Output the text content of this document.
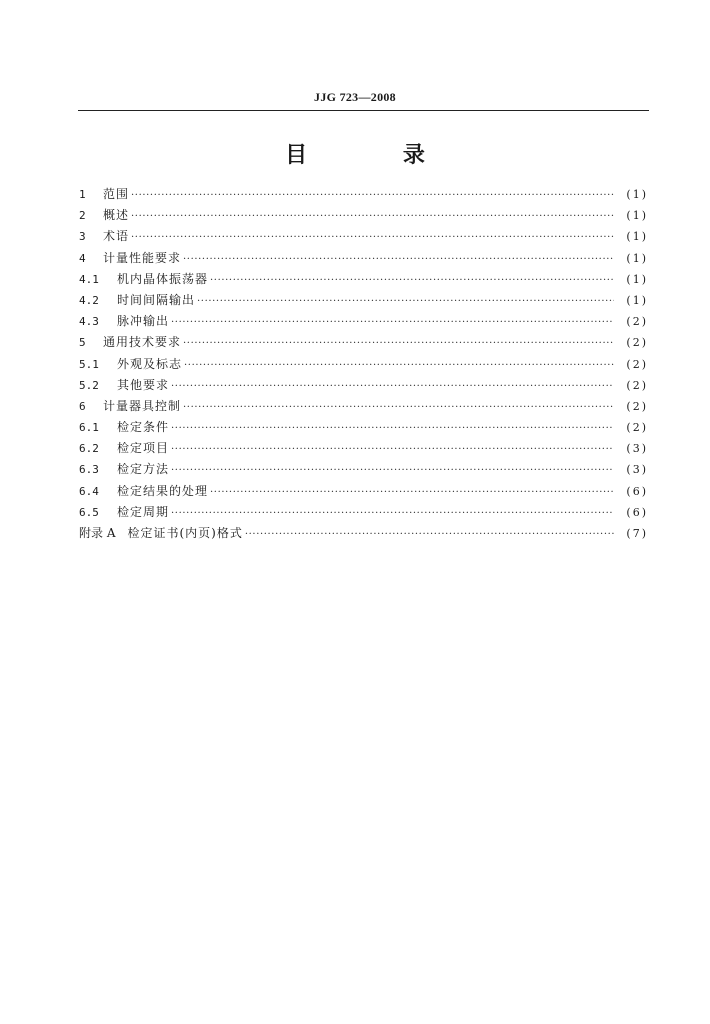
JJG 723—2008
目 录
1	范围 ·····	(1)
2	概述 ·····	(1)
3	术语 ·····	(1)
4	计量性能要求 ·····	(1)
4.1	机内晶体振荡器 ·····	(1)
4.2	时间间隔输出 ·····	(1)
4.3	脉冲输出 ·····	(2)
5	通用技术要求 ·····	(2)
5.1	外观及标志 ·····	(2)
5.2	其他要求 ·····	(2)
6	计量器具控制 ·····	(2)
6.1	检定条件 ·····	(2)
6.2	检定项目 ·····	(3)
6.3	检定方法 ·····	(3)
6.4	检定结果的处理 ·····	(6)
6.5	检定周期 ·····	(6)
附录 A 检定证书(内页)格式 ·····	(7)
